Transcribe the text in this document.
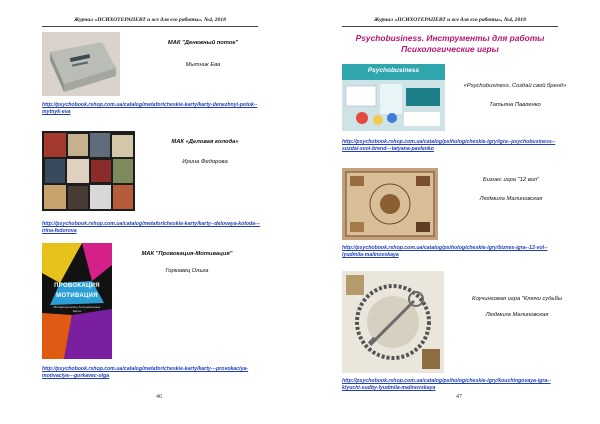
Журнал «ПСИХОТЕРАПЕВТ и все для его работы», №4, 2018
МАК "Денежный поток"
Мытник Ева
http://psychobook.rshop.com.ua/catalog/metaforicheskie-karty/karty-denezhnyi-potok--
mytnyk-eva
МАК «Деловая колода»
Ирина Федорова
http://psychobook.rshop.com.ua/catalog/metaforicheskie-karty/karty--delovaya-koloda---
irina-fedorova
ПРОВОКАЦИЯ
МОТИВАЦИЯ
Метафорические Ассоциативные Карты
МАК "Провокация-Мотивация"
Горкавец Ольга
http://psychobook.rshop.com.ua/catalog/metaforicheskie-karty/karty---provokaciya-
motivaciya---gorkavec-olga
46
Журнал «ПСИХОТЕРАПЕВТ и все для его работы», №4, 2018
Psychobusiness
«Psychobusiness. Создай свой бренд»
Татьяна Павленко
http://psychobook.rshop.com.ua/catalog/psihologicheskie-igry/igra--psychobusiness--
sozdai-svoi-brend---tatyana-pavlenko
Бизнес игра "12 вол"
Людмила Малиновская
http://psychobook.rshop.com.ua/catalog/psihologicheskie-igry/biznes-igra--12-vol--
lyudmila-malinovskaya
Коучинговая игра "Ключи судьбы
Людмила Малиновская
http://psychobook.rshop.com.ua/catalog/psihologicheskie-igry/kouchingovaya-igra--
klyuchi-sudby-lyudmila-malinovskaya
47
Psychobusiness. Инструменты для работы
Психологические игры
